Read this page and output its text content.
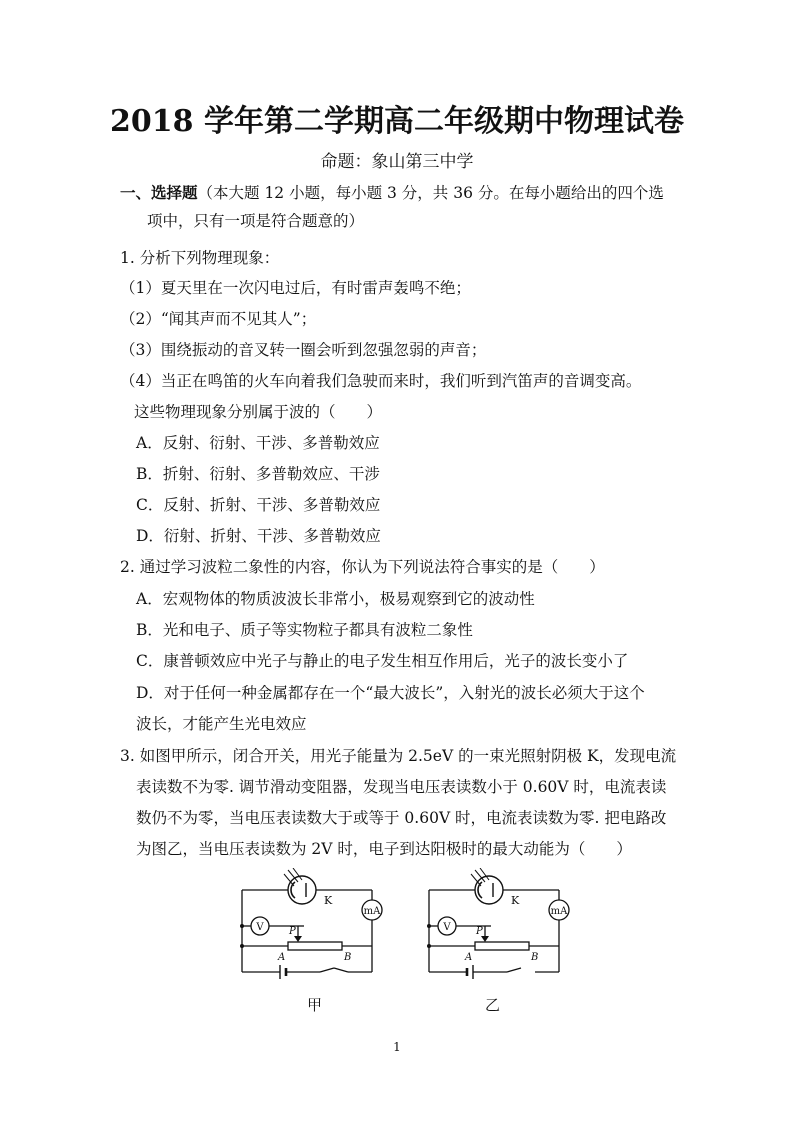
2018 学年第二学期高二年级期中物理试卷
命题：象山第三中学
一、选择题（本大题 12 小题，每小题 3 分，共 36 分。在每小题给出的四个选
项中，只有一项是符合题意的）
1. 分析下列物理现象：
（1）夏天里在一次闪电过后，有时雷声轰鸣不绝；
（2）“闻其声而不见其人”；
（3）围绕振动的音叉转一圈会听到忽强忽弱的声音；
（4）当正在鸣笛的火车向着我们急驶而来时，我们听到汽笛声的音调变高。
这些物理现象分别属于波的（　　）
A．反射、衍射、干涉、多普勒效应
B．折射、衍射、多普勒效应、干涉
C．反射、折射、干涉、多普勒效应
D．衍射、折射、干涉、多普勒效应
2. 通过学习波粒二象性的内容，你认为下列说法符合事实的是（　　）
A．宏观物体的物质波波长非常小，极易观察到它的波动性
B．光和电子、质子等实物粒子都具有波粒二象性
C．康普顿效应中光子与静止的电子发生相互作用后，光子的波长变小了
D．对于任何一种金属都存在一个“最大波长”，入射光的波长必须大于这个
波长，才能产生光电效应
3. 如图甲所示，闭合开关，用光子能量为 2.5eV 的一束光照射阴极 K，发现电流
表读数不为零. 调节滑动变阻器，发现当电压表读数小于 0.60V 时，电流表读
数仍不为零，当电压表读数大于或等于 0.60V 时，电流表读数为零. 把电路改
为图乙，当电压表读数为 2V 时，电子到达阳极时的最大动能为（　　）
mA
V
K
P
A	B
甲
mA
V
K
P
A	B
乙
1
